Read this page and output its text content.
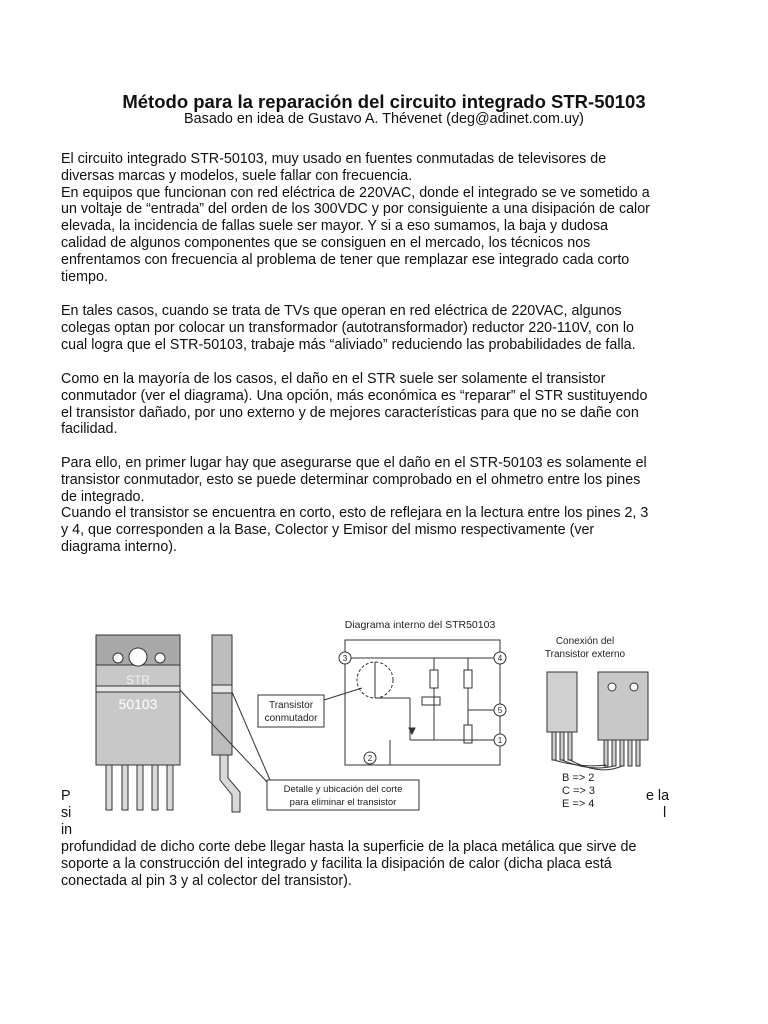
Método para la reparación del circuito integrado STR-50103
Basado en idea de Gustavo A. Thévenet (deg@adinet.com.uy)
El circuito integrado STR-50103, muy usado en fuentes conmutadas de televisores de
diversas marcas y modelos, suele fallar con frecuencia.
En equipos que funcionan con red eléctrica de 220VAC, donde el integrado se ve sometido a
un voltaje de “entrada” del orden de los 300VDC y por consiguiente a una disipación de calor
elevada, la incidencia de fallas suele ser mayor. Y si a eso sumamos, la baja y dudosa
calidad de algunos componentes que se consiguen en el mercado, los técnicos nos
enfrentamos con frecuencia al problema de tener que remplazar ese integrado cada corto
tiempo.
En tales casos, cuando se trata de TVs que operan en red eléctrica de 220VAC, algunos
colegas optan por colocar un transformador (autotransformador) reductor 220-110V, con lo
cual logra que el STR-50103, trabaje más “aliviado” reduciendo las probabilidades de falla.
Como en la mayoría de los casos, el daño en el STR suele ser solamente el transistor
conmutador (ver el diagrama). Una opción, más económica es “reparar” el STR sustituyendo
el transistor dañado, por uno externo y de mejores características para que no se dañe con
facilidad.
Para ello, en primer lugar hay que asegurarse que el daño en el STR-50103 es solamente el
transistor conmutador, esto se puede determinar comprobado en el ohmetro entre los pines
de integrado.
Cuando el transistor se encuentra en corto, esto de reflejara en la lectura entre los pines 2, 3
y 4, que corresponden a la Base, Colector y Emisor del mismo respectivamente (ver
diagrama interno).
P
si
in
e la
l
STR
50103
Diagrama interno del STR50103
3	4
5
1
2
Transistor
conmutador
Detalle y ubicación del corte
para eliminar el transistor
Conexión del
Transistor externo
B => 2
C => 3
E => 4
profundidad de dicho corte debe llegar hasta la superficie de la placa metálica que sirve de
soporte a la construcción del integrado y facilita la disipación de calor (dicha placa está
conectada al pin 3 y al colector del transistor).
